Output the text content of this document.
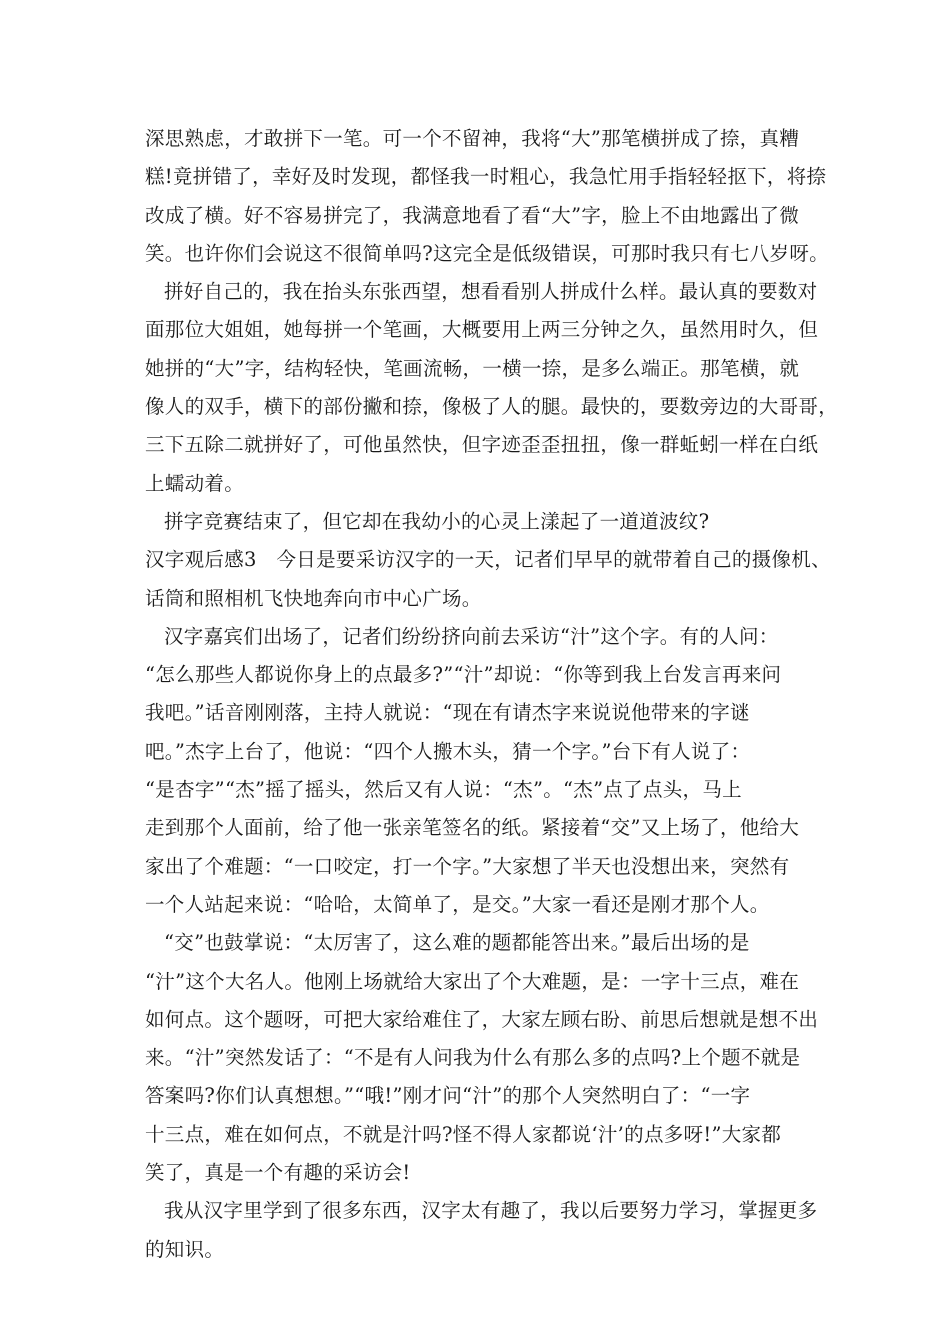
深思熟虑，才敢拼下一笔。可一个不留神，我将“大”那笔横拼成了捺，真糟
糕!竟拼错了，幸好及时发现，都怪我一时粗心，我急忙用手指轻轻抠下，将捺
改成了横。好不容易拼完了，我满意地看了看“大”字，脸上不由地露出了微
笑。也许你们会说这不很简单吗?这完全是低级错误，可那时我只有七八岁呀。
拼好自己的，我在抬头东张西望，想看看别人拼成什么样。最认真的要数对
面那位大姐姐，她每拼一个笔画，大概要用上两三分钟之久，虽然用时久，但
她拼的“大”字，结构轻快，笔画流畅，一横一捺，是多么端正。那笔横，就
像人的双手，横下的部份撇和捺，像极了人的腿。最快的，要数旁边的大哥哥，
三下五除二就拼好了，可他虽然快，但字迹歪歪扭扭，像一群蚯蚓一样在白纸
上蠕动着。
拼字竞赛结束了，但它却在我幼小的心灵上漾起了一道道波纹?
汉字观后感3　今日是要采访汉字的一天，记者们早早的就带着自己的摄像机、
话筒和照相机飞快地奔向市中心广场。
汉字嘉宾们出场了，记者们纷纷挤向前去采访“汁”这个字。有的人问：
“怎么那些人都说你身上的点最多?”“汁”却说：“你等到我上台发言再来问
我吧。”话音刚刚落，主持人就说：“现在有请杰字来说说他带来的字谜
吧。”杰字上台了，他说：“四个人搬木头，猜一个字。”台下有人说了：
“是杏字”“杰”摇了摇头，然后又有人说：“杰”。“杰”点了点头，马上
走到那个人面前，给了他一张亲笔签名的纸。紧接着“交”又上场了，他给大
家出了个难题：“一口咬定，打一个字。”大家想了半天也没想出来，突然有
一个人站起来说：“哈哈，太简单了，是交。”大家一看还是刚才那个人。
“交”也鼓掌说：“太厉害了，这么难的题都能答出来。”最后出场的是
“汁”这个大名人。他刚上场就给大家出了个大难题，是：一字十三点，难在
如何点。这个题呀，可把大家给难住了，大家左顾右盼、前思后想就是想不出
来。“汁”突然发话了：“不是有人问我为什么有那么多的点吗?上个题不就是
答案吗?你们认真想想。”“哦!”刚才问“汁”的那个人突然明白了：“一字
十三点，难在如何点，不就是汁吗?怪不得人家都说‘汁’的点多呀!”大家都
笑了，真是一个有趣的采访会!
我从汉字里学到了很多东西，汉字太有趣了，我以后要努力学习，掌握更多
的知识。
